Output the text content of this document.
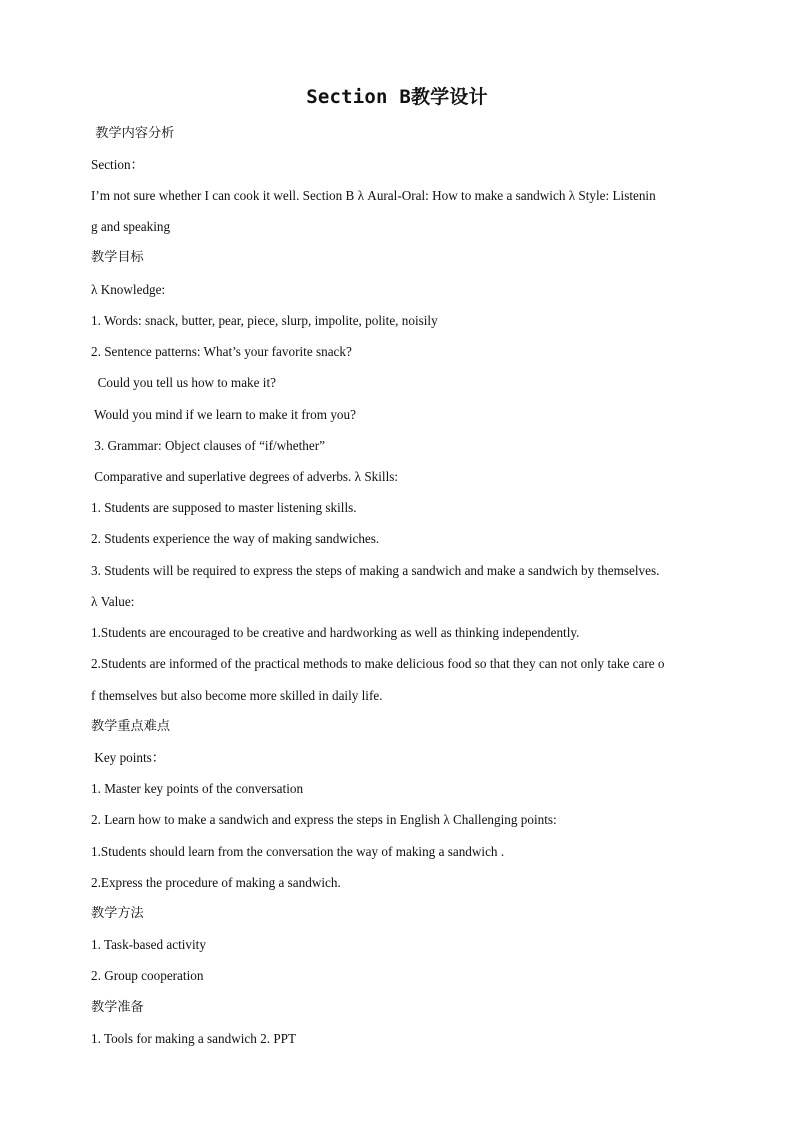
Section B教学设计
教学内容分析
Section：
I’m not sure whether I can cook it well. Section B λ Aural-Oral: How to make a sandwich λ Style: Listenin
g and speaking
教学目标
λ Knowledge:
1. Words: snack, butter, pear, piece, slurp, impolite, polite, noisily
2. Sentence patterns: What’s your favorite snack?
Could you tell us how to make it?
Would you mind if we learn to make it from you?
3. Grammar: Object clauses of “if/whether”
Comparative and superlative degrees of adverbs. λ Skills:
1. Students are supposed to master listening skills.
2. Students experience the way of making sandwiches.
3. Students will be required to express the steps of making a sandwich and make a sandwich by themselves.
λ Value:
1.Students are encouraged to be creative and hardworking as well as thinking independently.
2.Students are informed of the practical methods to make delicious food so that they can not only take care o
f themselves but also become more skilled in daily life.
教学重点难点
Key points：
1. Master key points of the conversation
2. Learn how to make a sandwich and express the steps in English λ Challenging points:
1.Students should learn from the conversation the way of making a sandwich .
2.Express the procedure of making a sandwich.
教学方法
1. Task-based activity
2. Group cooperation
教学准备
1. Tools for making a sandwich 2. PPT
